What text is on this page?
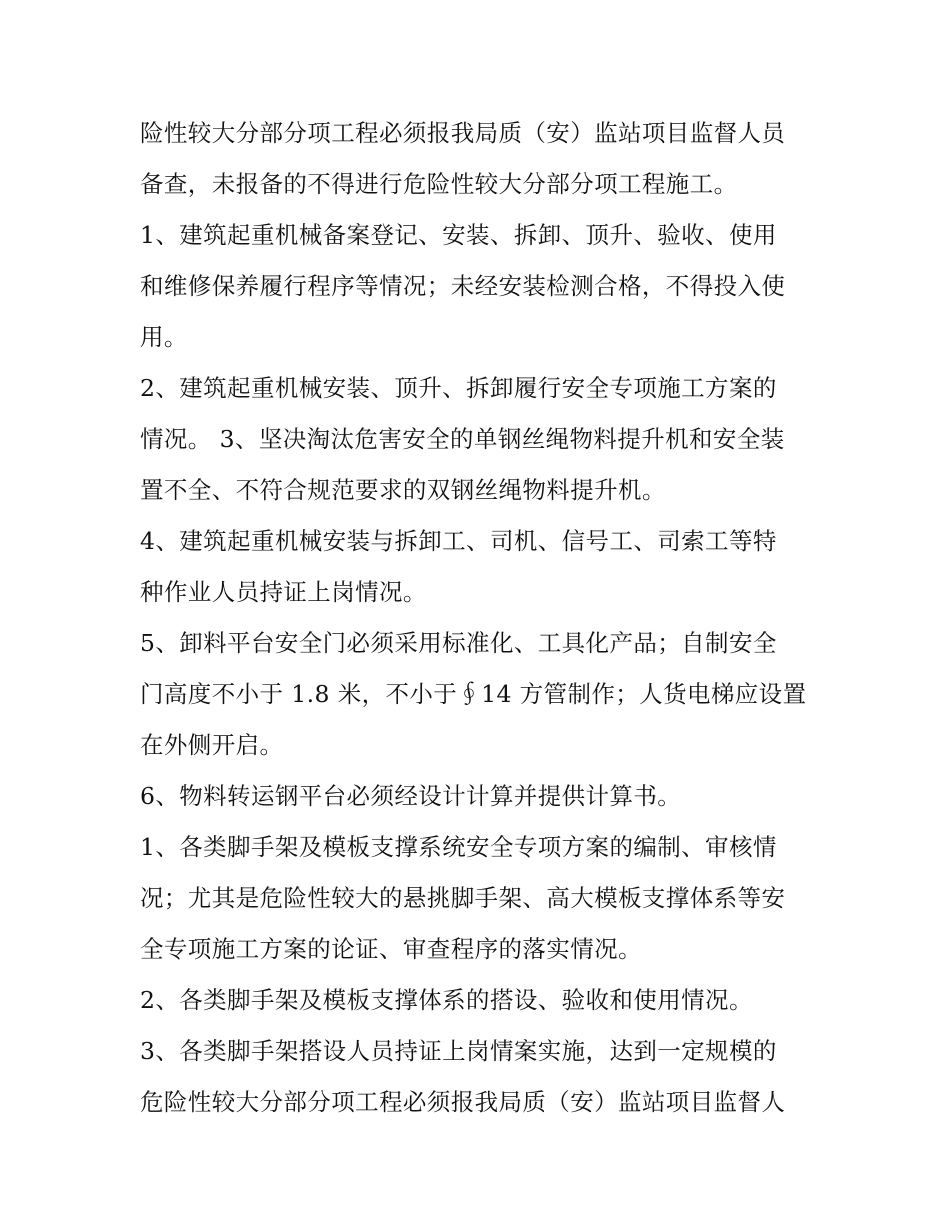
险性较大分部分项工程必须报我局质（安）监站项目监督人员
备查，未报备的不得进行危险性较大分部分项工程施工。
1、建筑起重机械备案登记、安装、拆卸、顶升、验收、使用
和维修保养履行程序等情况；未经安装检测合格，不得投入使
用。
2、建筑起重机械安装、顶升、拆卸履行安全专项施工方案的
情况。 3、坚决淘汰危害安全的单钢丝绳物料提升机和安全装
置不全、不符合规范要求的双钢丝绳物料提升机。
4、建筑起重机械安装与拆卸工、司机、信号工、司索工等特
种作业人员持证上岗情况。
5、卸料平台安全门必须采用标准化、工具化产品；自制安全
门高度不小于 1.8 米，不小于∮14 方管制作；人货电梯应设置
在外侧开启。
6、物料转运钢平台必须经设计计算并提供计算书。
1、各类脚手架及模板支撑系统安全专项方案的编制、审核情
况；尤其是危险性较大的悬挑脚手架、高大模板支撑体系等安
全专项施工方案的论证、审查程序的落实情况。
2、各类脚手架及模板支撑体系的搭设、验收和使用情况。
3、各类脚手架搭设人员持证上岗情案实施，达到一定规模的
危险性较大分部分项工程必须报我局质（安）监站项目监督人
